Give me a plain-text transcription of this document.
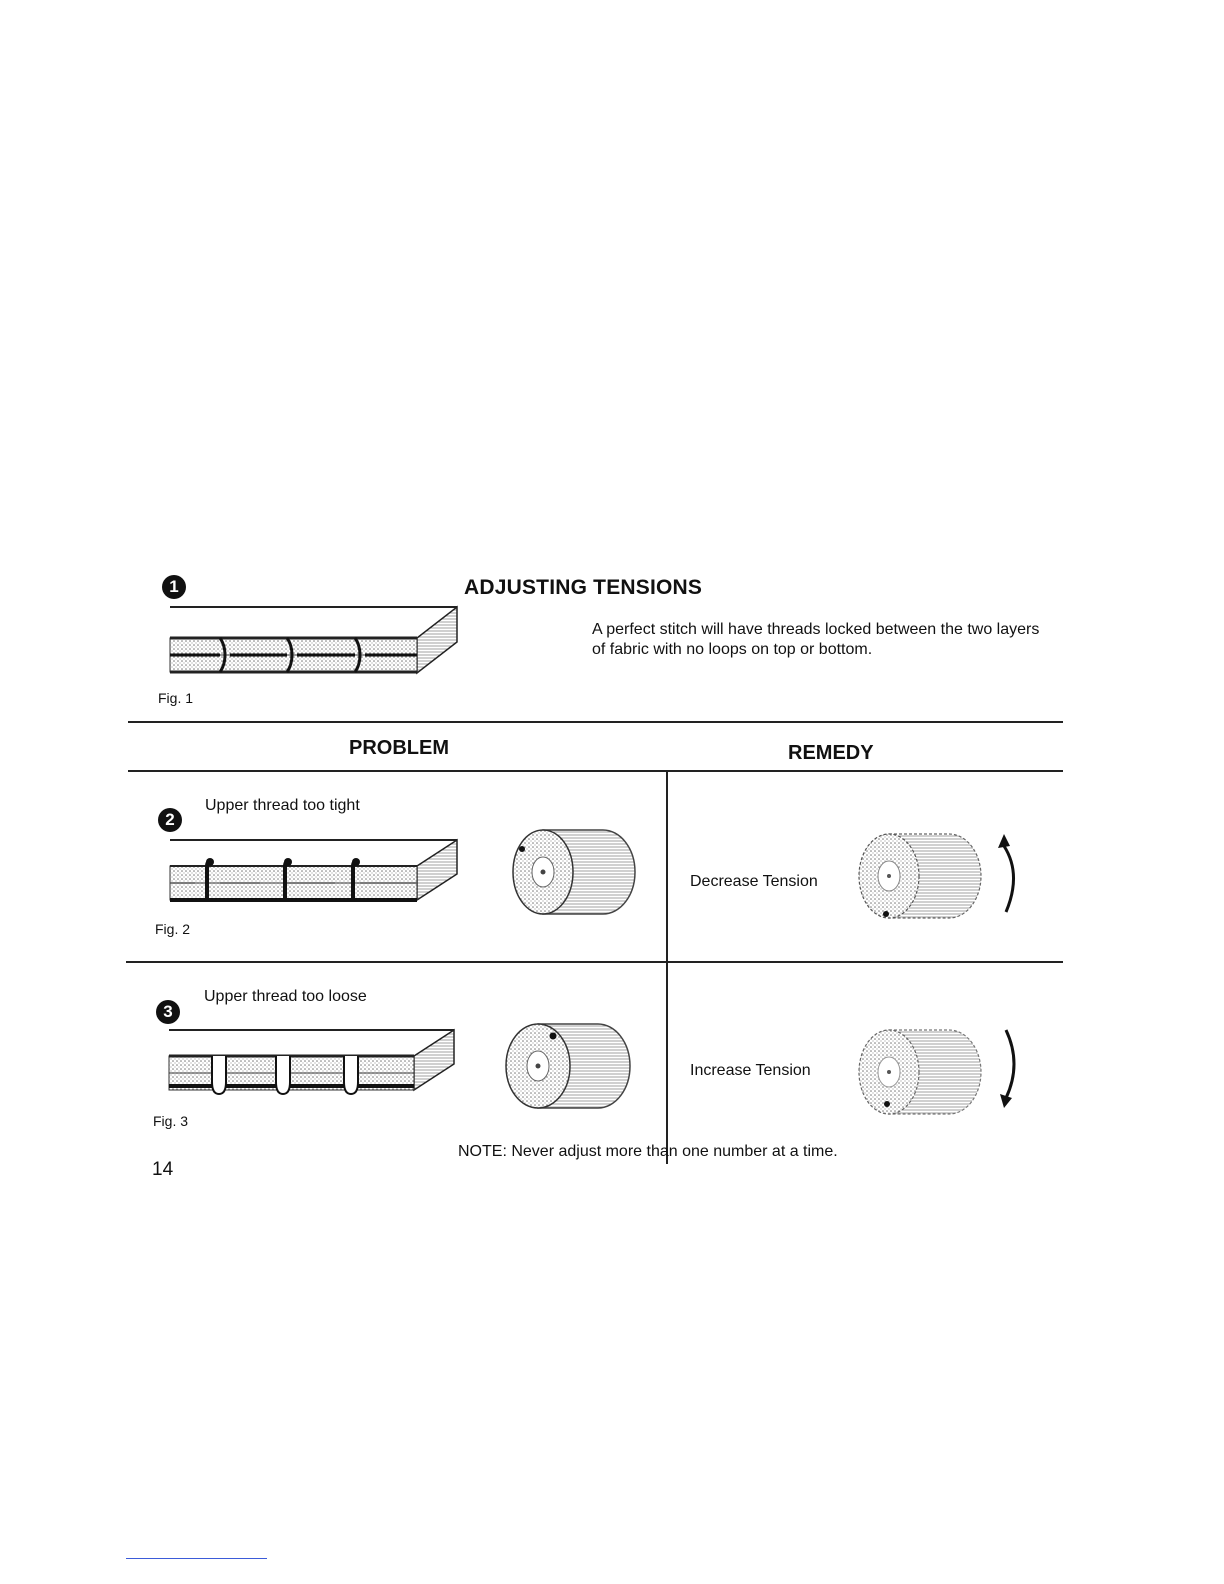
1	ADJUSTING TENSIONS
A perfect stitch will have threads locked between the two layers of fabric with no loops on top or bottom.
Fig. 1
PROBLEM	REMEDY
2
Upper thread too tight
Fig. 2
Decrease Tension
3
Upper thread too loose
Fig. 3
Increase Tension
NOTE: Never adjust more than one number at a time.
14
